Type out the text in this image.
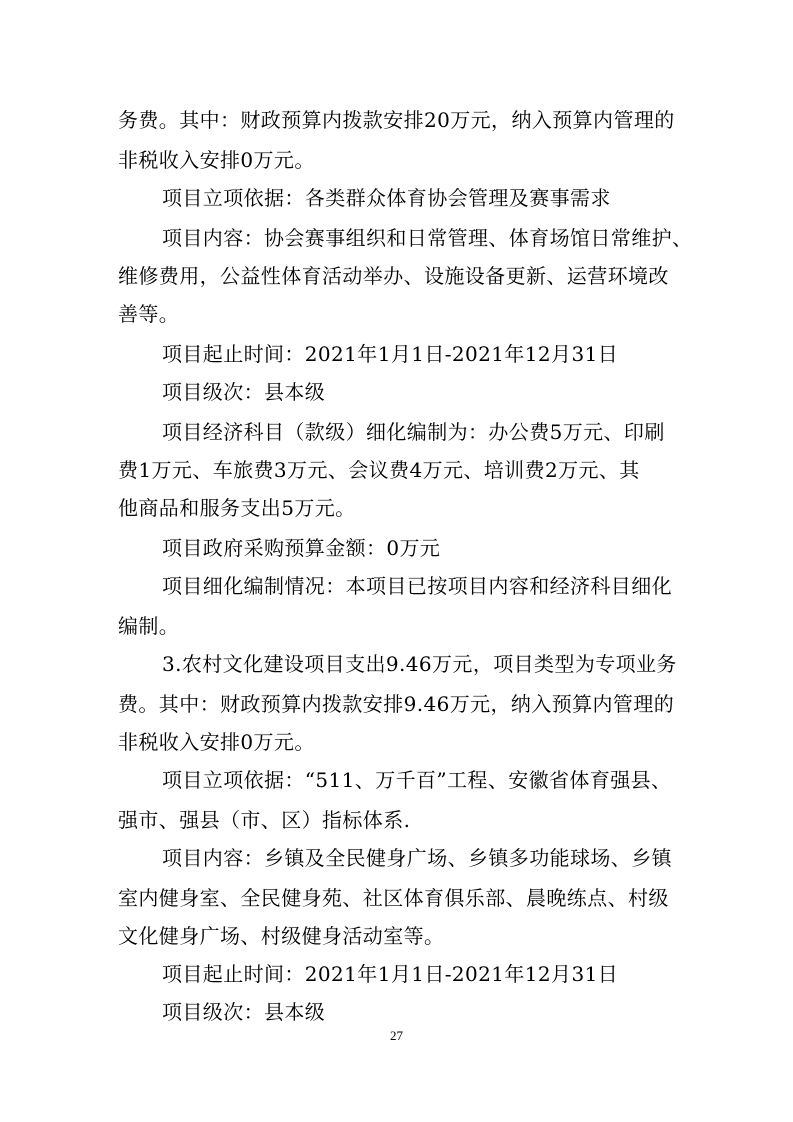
务费。其中：财政预算内拨款安排20万元，纳入预算内管理的
非税收入安排0万元。
项目立项依据：各类群众体育协会管理及赛事需求
项目内容：协会赛事组织和日常管理、体育场馆日常维护、
维修费用，公益性体育活动举办、设施设备更新、运营环境改
善等。
项目起止时间：2021年1月1日-2021年12月31日
项目级次：县本级
项目经济科目（款级）细化编制为：办公费5万元、印刷
费1万元、车旅费3万元、会议费4万元、培训费2万元、其
他商品和服务支出5万元。
项目政府采购预算金额：0万元
项目细化编制情况：本项目已按项目内容和经济科目细化
编制。
3.农村文化建设项目支出9.46万元，项目类型为专项业务
费。其中：财政预算内拨款安排9.46万元，纳入预算内管理的
非税收入安排0万元。
项目立项依据：“511、万千百”工程、安徽省体育强县、
强市、强县（市、区）指标体系.
项目内容：乡镇及全民健身广场、乡镇多功能球场、乡镇
室内健身室、全民健身苑、社区体育俱乐部、晨晚练点、村级
文化健身广场、村级健身活动室等。
项目起止时间：2021年1月1日-2021年12月31日
项目级次：县本级
27
